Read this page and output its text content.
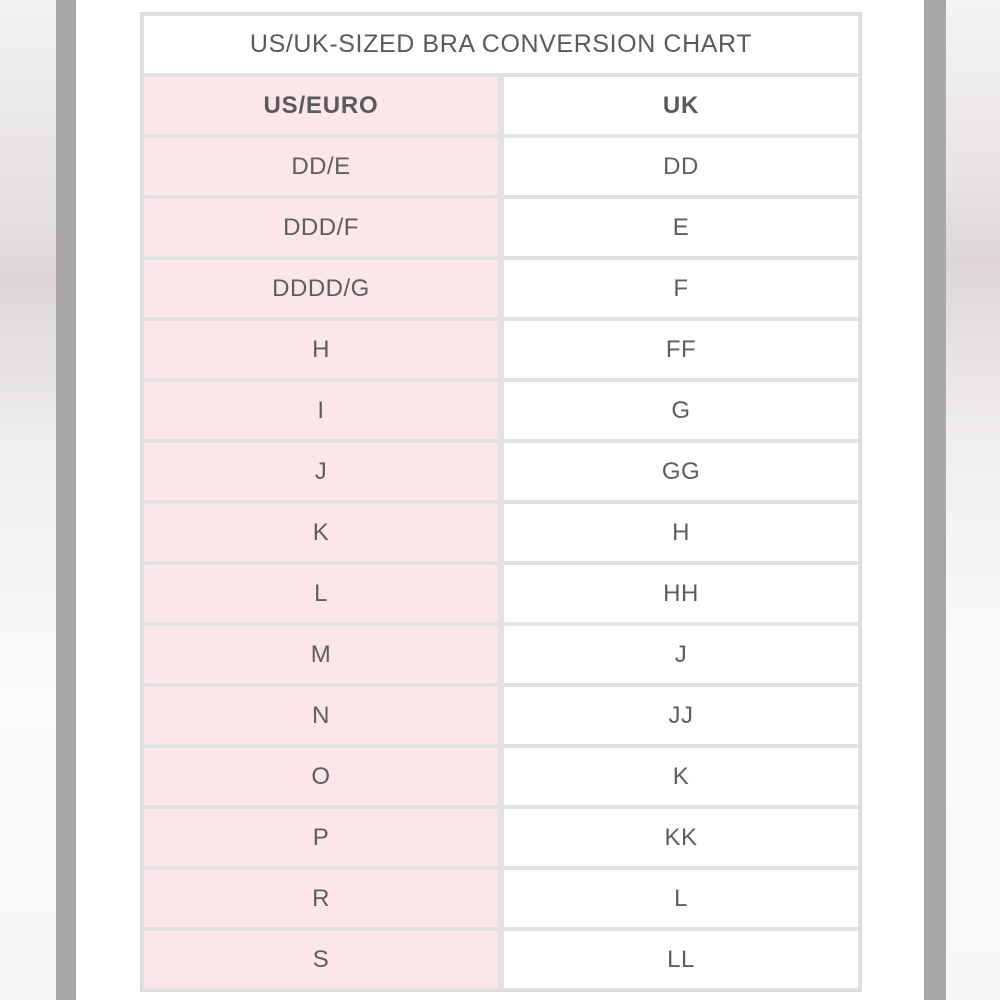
US/UK-SIZED BRA CONVERSION CHART
US/EURO	UK
DD/E	DD
DDD/F	E
DDDD/G	F
H	FF
I	G
J	GG
K	H
L	HH
M	J
N	JJ
O	K
P	KK
R	L
S	LL
